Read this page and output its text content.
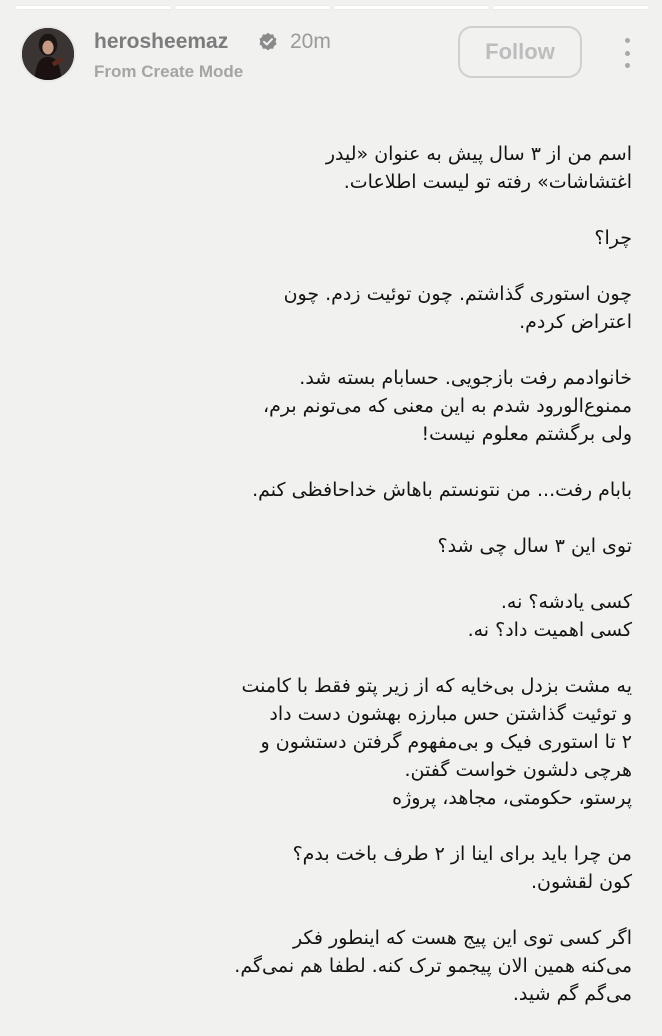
herosheemaz	20m
From Create Mode
Follow

اسم من از ۳ سال پیش به عنوان «لیدر
اغتشاشات» رفته تو لیست اطلاعات.

چرا؟

چون استوری گذاشتم. چون توئیت زدم. چون
اعتراض کردم.

خانوادمم رفت بازجویی. حسابام بسته شد.
ممنوع‌الورود شدم به این معنی که می‌تونم برم،
ولی برگشتم معلوم نیست!

بابام رفت... من نتونستم باهاش خداحافظی کنم.

توی این ۳ سال چی شد؟

کسی یادشه؟ نه.
کسی اهمیت داد؟ نه.

یه مشت بزدل بی‌خایه که از زیر پتو فقط با کامنت
و توئیت گذاشتن حس مبارزه بهشون دست داد
۲ تا استوری فیک و بی‌مفهوم گرفتن دستشون و
هرچی دلشون خواست گفتن.
پرستو، حکومتی، مجاهد، پروژه

من چرا باید برای اینا از ۲ طرف باخت بدم؟
کون لقشون.

اگر کسی توی این پیج هست که اینطور فکر
می‌کنه همین الان پیجمو ترک کنه. لطفا هم نمی‌گم.
می‌گم گم شید.
